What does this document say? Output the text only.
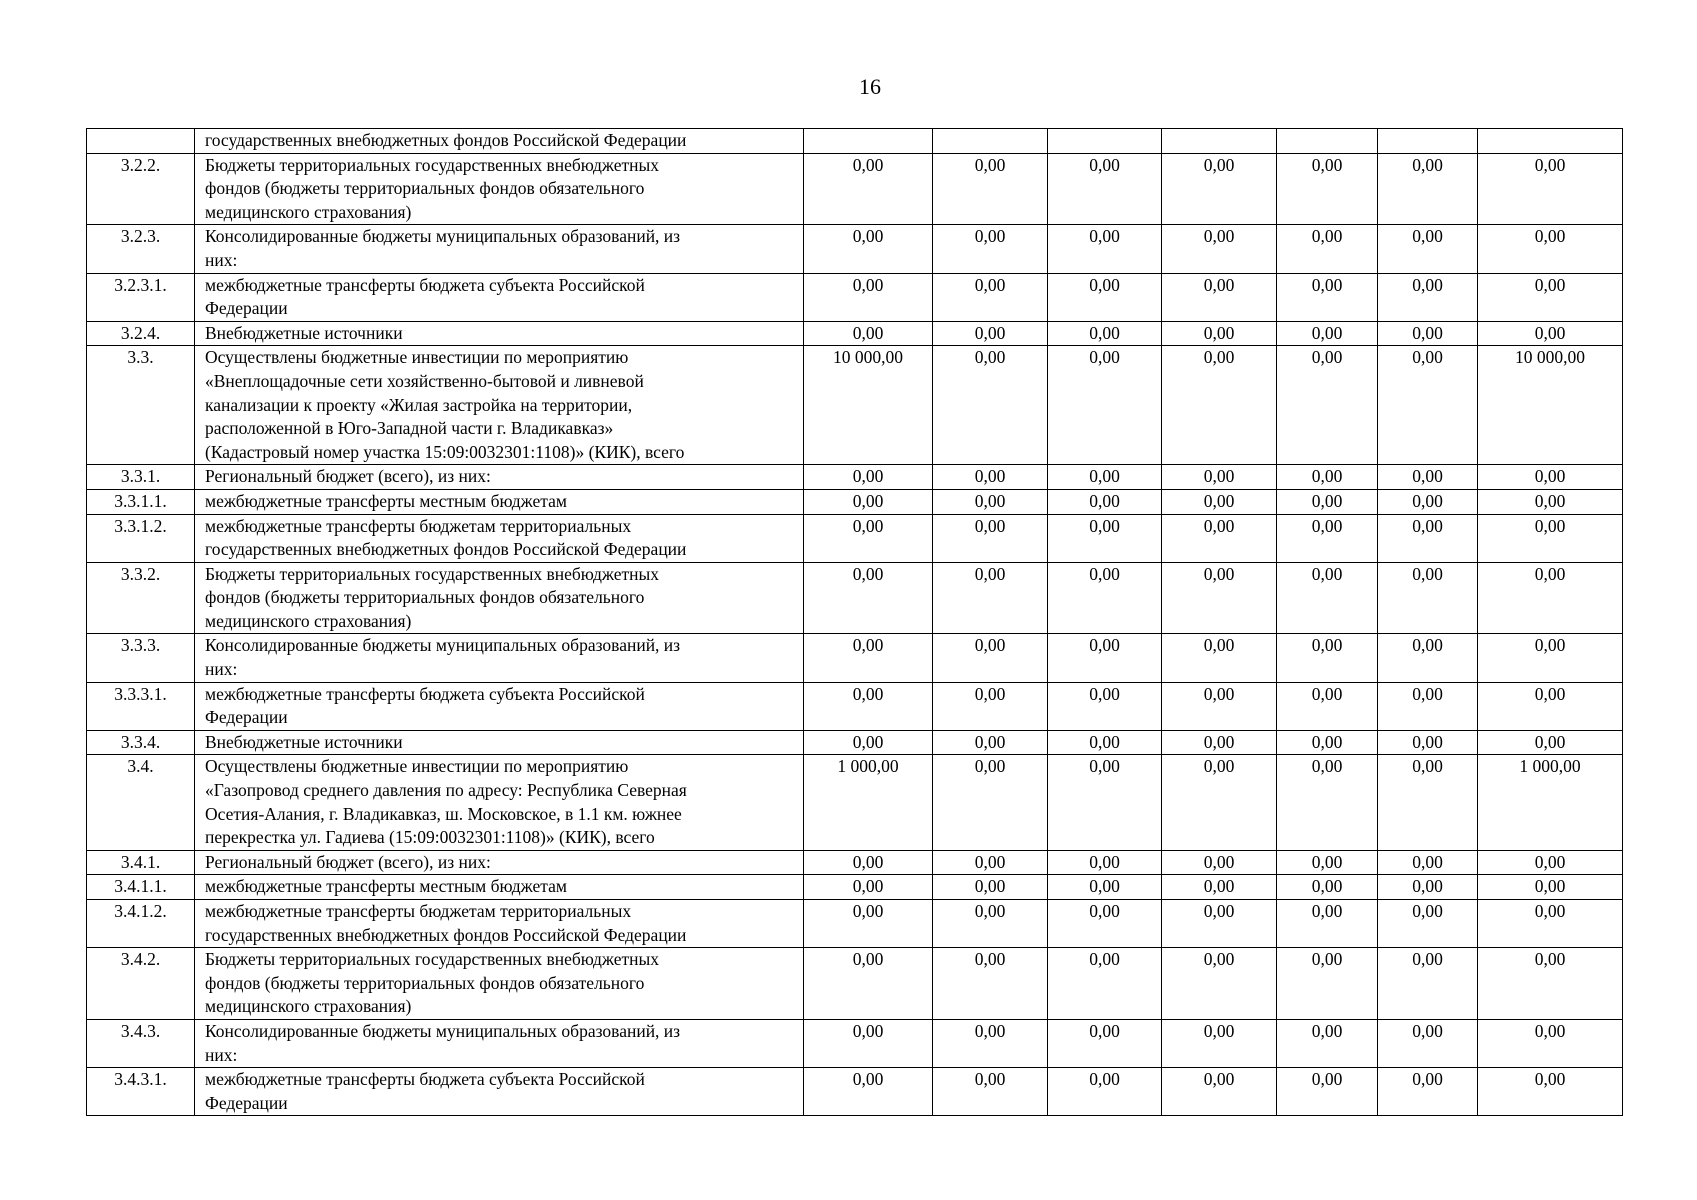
16
	государственных внебюджетных фондов Российской Федерации							
3.2.2.	Бюджеты территориальных государственных внебюджетных
фондов (бюджеты территориальных фондов обязательного
медицинского страхования)	0,00	0,00	0,00	0,00	0,00	0,00	0,00
3.2.3.	Консолидированные бюджеты муниципальных образований, из
них:	0,00	0,00	0,00	0,00	0,00	0,00	0,00
3.2.3.1.	межбюджетные трансферты бюджета субъекта Российской
Федерации	0,00	0,00	0,00	0,00	0,00	0,00	0,00
3.2.4.	Внебюджетные источники	0,00	0,00	0,00	0,00	0,00	0,00	0,00
3.3.	Осуществлены бюджетные инвестиции по мероприятию
«Внеплощадочные сети хозяйственно-бытовой и ливневой
канализации к проекту «Жилая застройка на территории,
расположенной в Юго-Западной части г. Владикавказ»
(Кадастровый номер участка 15:09:0032301:1108)» (КИК), всего	10 000,00	0,00	0,00	0,00	0,00	0,00	10 000,00
3.3.1.	Региональный бюджет (всего), из них:	0,00	0,00	0,00	0,00	0,00	0,00	0,00
3.3.1.1.	межбюджетные трансферты местным бюджетам	0,00	0,00	0,00	0,00	0,00	0,00	0,00
3.3.1.2.	межбюджетные трансферты бюджетам территориальных
государственных внебюджетных фондов Российской Федерации	0,00	0,00	0,00	0,00	0,00	0,00	0,00
3.3.2.	Бюджеты территориальных государственных внебюджетных
фондов (бюджеты территориальных фондов обязательного
медицинского страхования)	0,00	0,00	0,00	0,00	0,00	0,00	0,00
3.3.3.	Консолидированные бюджеты муниципальных образований, из
них:	0,00	0,00	0,00	0,00	0,00	0,00	0,00
3.3.3.1.	межбюджетные трансферты бюджета субъекта Российской
Федерации	0,00	0,00	0,00	0,00	0,00	0,00	0,00
3.3.4.	Внебюджетные источники	0,00	0,00	0,00	0,00	0,00	0,00	0,00
3.4.	Осуществлены бюджетные инвестиции по мероприятию
«Газопровод среднего давления по адресу: Республика Северная
Осетия-Алания, г. Владикавказ, ш. Московское, в 1.1 км. южнее
перекрестка ул. Гадиева (15:09:0032301:1108)» (КИК), всего	1 000,00	0,00	0,00	0,00	0,00	0,00	1 000,00
3.4.1.	Региональный бюджет (всего), из них:	0,00	0,00	0,00	0,00	0,00	0,00	0,00
3.4.1.1.	межбюджетные трансферты местным бюджетам	0,00	0,00	0,00	0,00	0,00	0,00	0,00
3.4.1.2.	межбюджетные трансферты бюджетам территориальных
государственных внебюджетных фондов Российской Федерации	0,00	0,00	0,00	0,00	0,00	0,00	0,00
3.4.2.	Бюджеты территориальных государственных внебюджетных
фондов (бюджеты территориальных фондов обязательного
медицинского страхования)	0,00	0,00	0,00	0,00	0,00	0,00	0,00
3.4.3.	Консолидированные бюджеты муниципальных образований, из
них:	0,00	0,00	0,00	0,00	0,00	0,00	0,00
3.4.3.1.	межбюджетные трансферты бюджета субъекта Российской
Федерации	0,00	0,00	0,00	0,00	0,00	0,00	0,00
